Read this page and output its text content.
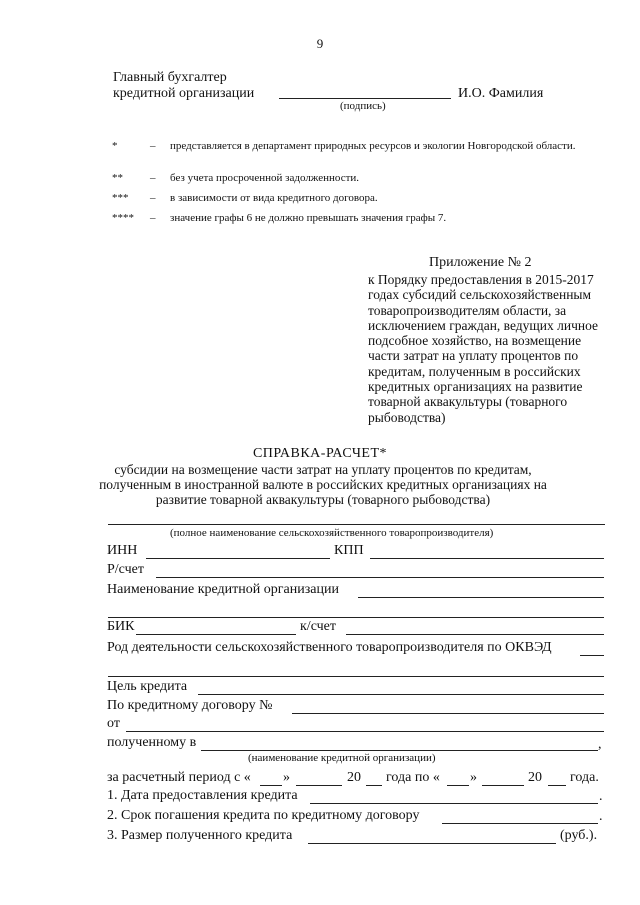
9
Главный бухгалтер
кредитной организации
(подпись)
И.О. Фамилия
*	– представляется в департамент природных ресурсов и экологии Новгородской области.
**	– без учета просроченной задолженности.
***	– в зависимости от вида кредитного договора.
****	– значение графы 6 не должно превышать значения графы 7.
Приложение № 2
к Порядку предоставления в 2015-2017 годах субсидий сельскохозяйственным товаропроизводителям области, за исключением граждан, ведущих личное подсобное хозяйство, на возмещение части затрат на уплату процентов по кредитам, полученным в российских кредитных организациях на развитие товарной аквакультуры (товарного рыбоводства)
СПРАВКА-РАСЧЕТ*
субсидии на возмещение части затрат на уплату процентов по кредитам, полученным в иностранной валюте в российских кредитных организациях на развитие товарной аквакультуры (товарного рыбоводства)
(полное наименование сельскохозяйственного товаропроизводителя)
ИНН	КПП
Р/счет
Наименование кредитной организации
БИК	к/счет
Род деятельности сельскохозяйственного товаропроизводителя по ОКВЭД
Цель кредита
По кредитному договору №
от
полученному в	,
(наименование кредитной организации)
за расчетный период с « »	20 года по « »	20 года.
1. Дата предоставления кредита	.
2. Срок погашения кредита по кредитному договору	.
3. Размер полученного кредита	(руб.).
